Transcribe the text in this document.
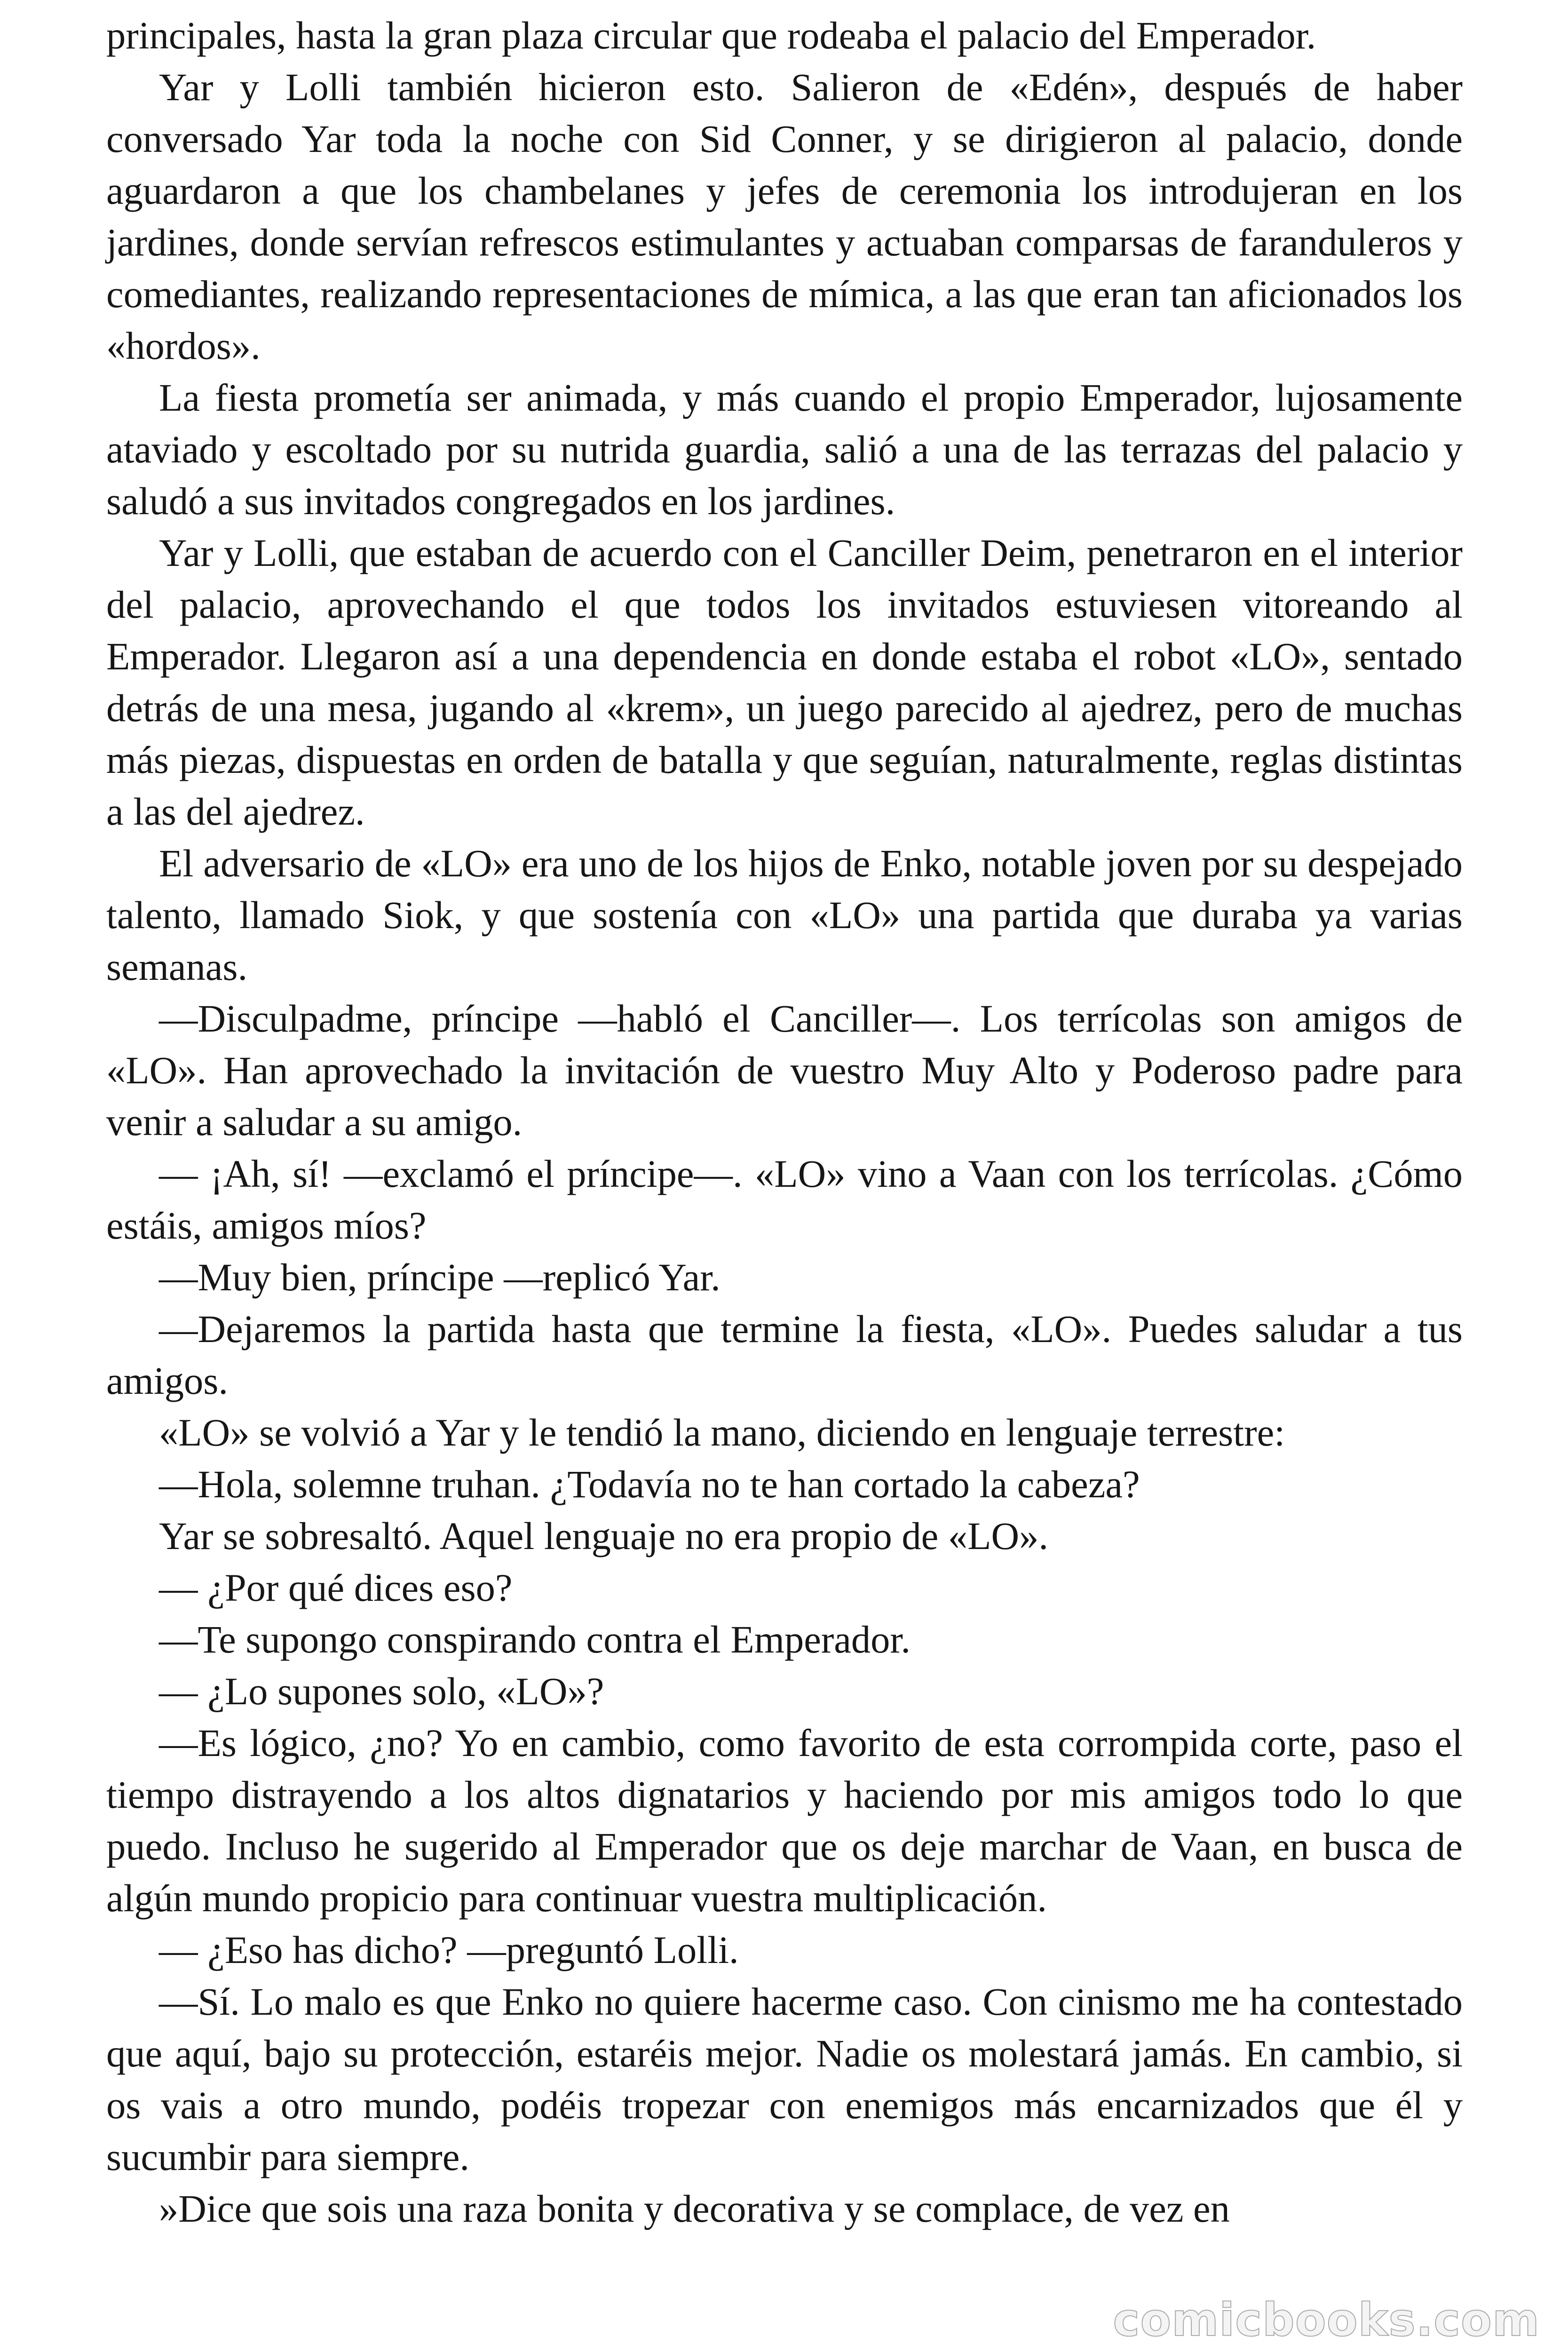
principales, hasta la gran plaza circular que rodeaba el palacio del Emperador.

Yar y Lolli también hicieron esto. Salieron de «Edén», después de haber conversado Yar toda la noche con Sid Conner, y se dirigieron al palacio, donde aguardaron a que los chambelanes y jefes de ceremonia los introdujeran en los jardines, donde servían refrescos estimulantes y actuaban comparsas de faranduleros y comediantes, realizando representaciones de mímica, a las que eran tan aficionados los «hordos».

La fiesta prometía ser animada, y más cuando el propio Emperador, lujosamente ataviado y escoltado por su nutrida guardia, salió a una de las terrazas del palacio y saludó a sus invitados congregados en los jardines.

Yar y Lolli, que estaban de acuerdo con el Canciller Deim, penetraron en el interior del palacio, aprovechando el que todos los invitados estuviesen vitoreando al Emperador. Llegaron así a una dependencia en donde estaba el robot «LO», sentado detrás de una mesa, jugando al «krem», un juego parecido al ajedrez, pero de muchas más piezas, dispuestas en orden de batalla y que seguían, naturalmente, reglas distintas a las del ajedrez.

El adversario de «LO» era uno de los hijos de Enko, notable joven por su despejado talento, llamado Siok, y que sostenía con «LO» una partida que duraba ya varias semanas.

—Disculpadme, príncipe —habló el Canciller—. Los terrícolas son amigos de «LO». Han aprovechado la invitación de vuestro Muy Alto y Poderoso padre para venir a saludar a su amigo.

— ¡Ah, sí! —exclamó el príncipe—. «LO» vino a Vaan con los terrícolas. ¿Cómo estáis, amigos míos?

—Muy bien, príncipe —replicó Yar.

—Dejaremos la partida hasta que termine la fiesta, «LO». Puedes saludar a tus amigos.

«LO» se volvió a Yar y le tendió la mano, diciendo en lenguaje terrestre:

—Hola, solemne truhan. ¿Todavía no te han cortado la cabeza?

Yar se sobresaltó. Aquel lenguaje no era propio de «LO».

— ¿Por qué dices eso?

—Te supongo conspirando contra el Emperador.

— ¿Lo supones solo, «LO»?

—Es lógico, ¿no? Yo en cambio, como favorito de esta corrompida corte, paso el tiempo distrayendo a los altos dignatarios y haciendo por mis amigos todo lo que puedo. Incluso he sugerido al Emperador que os deje marchar de Vaan, en busca de algún mundo propicio para continuar vuestra multiplicación.

— ¿Eso has dicho? —preguntó Lolli.

—Sí. Lo malo es que Enko no quiere hacerme caso. Con cinismo me ha contestado que aquí, bajo su protección, estaréis mejor. Nadie os molestará jamás. En cambio, si os vais a otro mundo, podéis tropezar con enemigos más encarnizados que él y sucumbir para siempre.

»Dice que sois una raza bonita y decorativa y se complace, de vez en

comicbooks.com
